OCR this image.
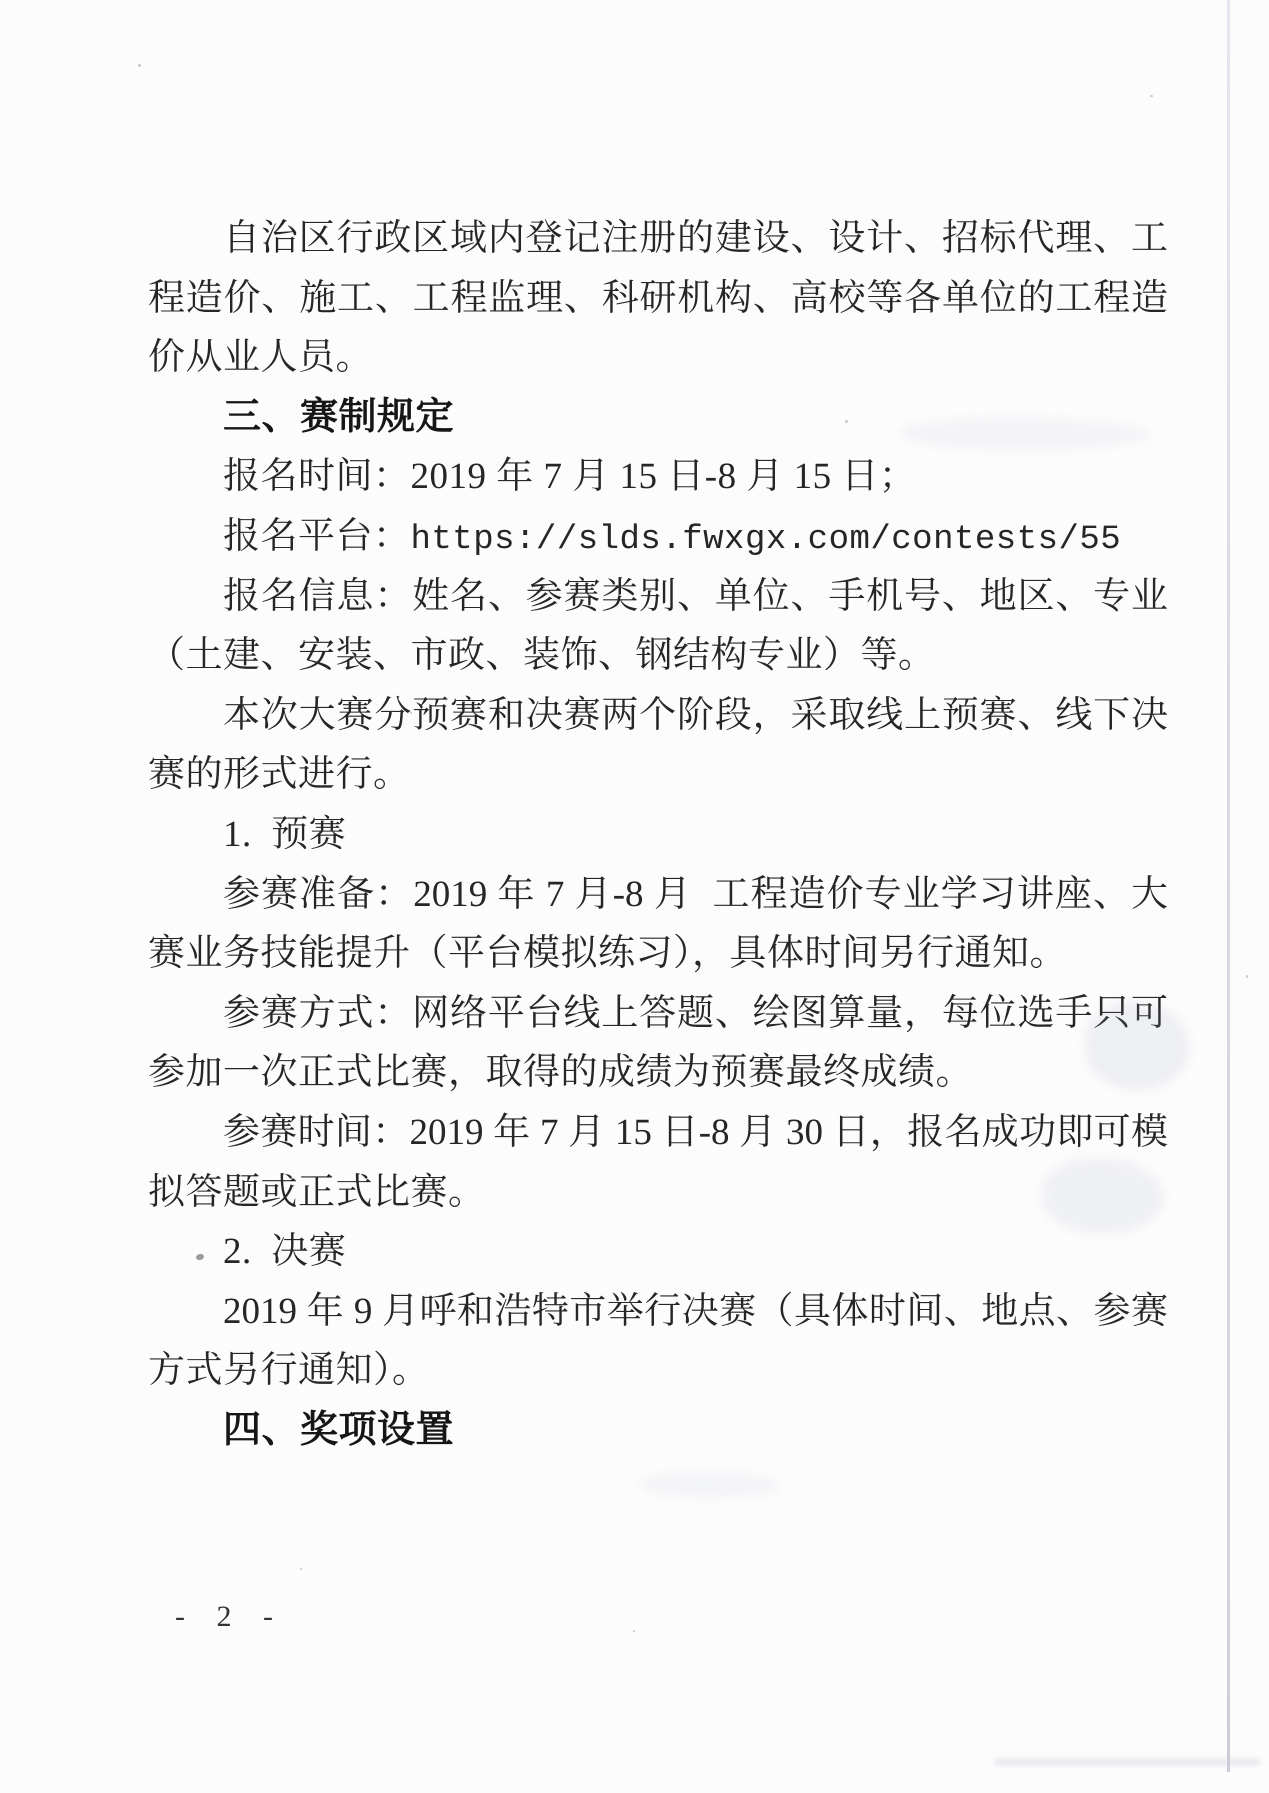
自治区行政区域内登记注册的建设、设计、招标代理、工
程造价、施工、工程监理、科研机构、高校等各单位的工程造
价从业人员。
三、赛制规定
报名时间：2019 年 7 月 15 日-8 月 15 日；
报名平台：https://slds.fwxgx.com/contests/55
报名信息：姓名、参赛类别、单位、手机号、地区、专业
（土建、安装、市政、装饰、钢结构专业）等。
本次大赛分预赛和决赛两个阶段，采取线上预赛、线下决
赛的形式进行。
1.  预赛
参赛准备：2019 年 7 月-8 月  工程造价专业学习讲座、大
赛业务技能提升（平台模拟练习），具体时间另行通知。
参赛方式：网络平台线上答题、绘图算量，每位选手只可
参加一次正式比赛，取得的成绩为预赛最终成绩。
参赛时间：2019 年 7 月 15 日-8 月 30 日，报名成功即可模
拟答题或正式比赛。
2.  决赛
2019 年 9 月呼和浩特市举行决赛（具体时间、地点、参赛
方式另行通知）。
四、奖项设置
- 2 -
